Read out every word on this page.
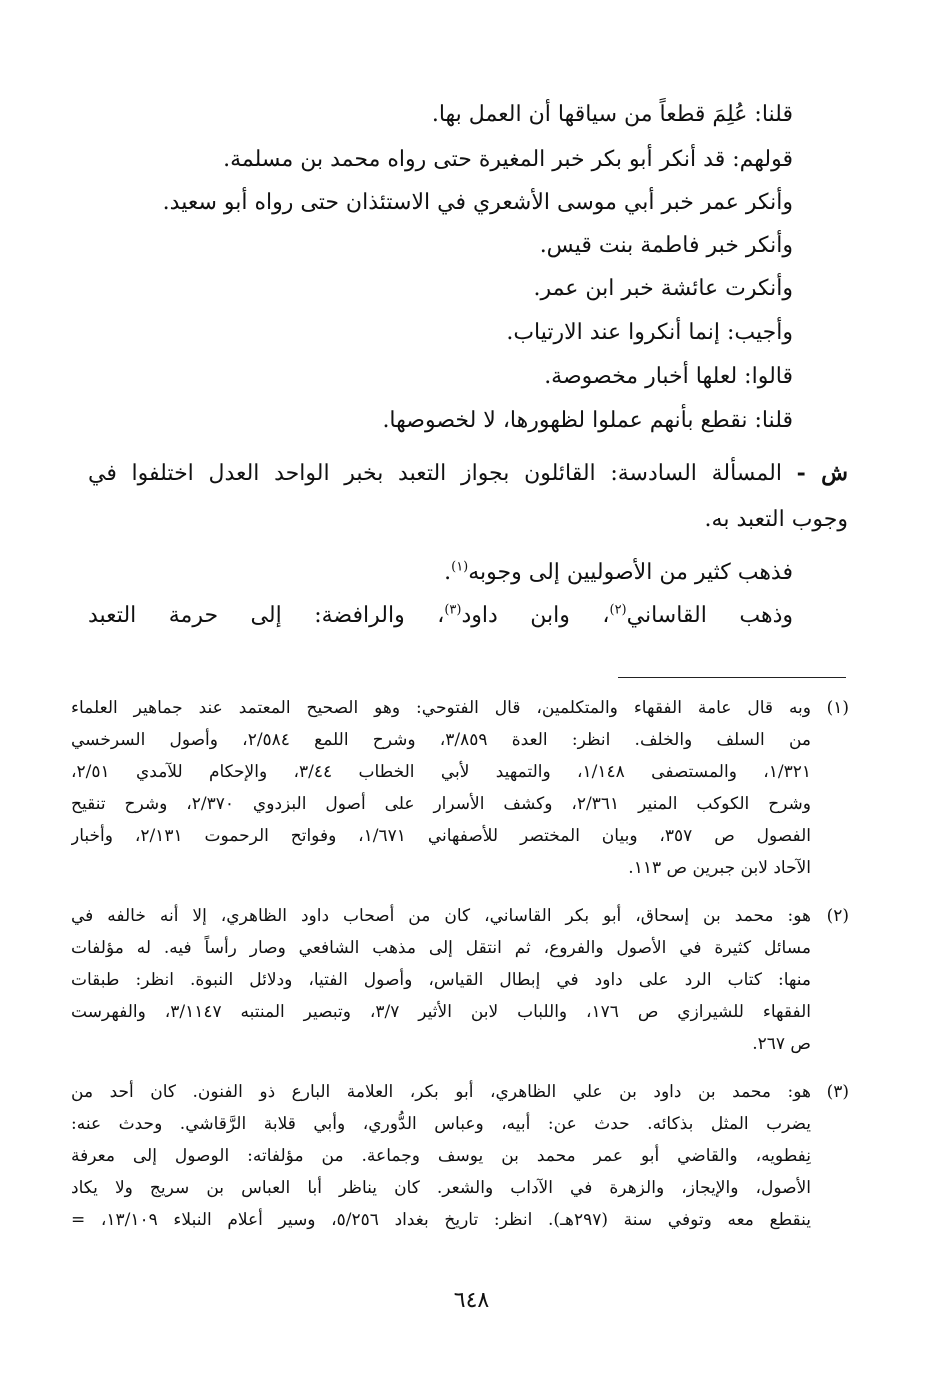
قلنا: عُلِمَ قطعاً من سياقها أن العمل بها.
قولهم: قد أنكر أبو بكر خبر المغيرة حتى رواه محمد بن مسلمة.
وأنكر عمر خبر أبي موسى الأشعري في الاستئذان حتى رواه أبو سعيد.
وأنكر خبر فاطمة بنت قيس.
وأنكرت عائشة خبر ابن عمر.
وأجيب: إنما أنكروا عند الارتياب.
قالوا: لعلها أخبار مخصوصة.
قلنا: نقطع بأنهم عملوا لظهورها، لا لخصوصها.
ش - المسألة السادسة: القائلون بجواز التعبد بخبر الواحد العدل اختلفوا في
وجوب التعبد به.
فذهب كثير من الأصوليين إلى وجوبه$^{(١)}$.
وذهب القاساني$^{(٢)}$، وابن داود$^{(٣)}$، والرافضة: إلى حرمة التعبد
(١)
وبه قال عامة الفقهاء والمتكلمين، قال الفتوحي: وهو الصحيح المعتمد عند جماهير العلماء
من السلف والخلف. انظر: العدة ٣/٨٥٩، وشرح اللمع ٢/٥٨٤، وأصول السرخسي
١/٣٢١، والمستصفى ١/١٤٨، والتمهيد لأبي الخطاب ٣/٤٤، والإحكام للآمدي ٢/٥١،
وشرح الكوكب المنير ٢/٣٦١، وكشف الأسرار على أصول البزدوي ٢/٣٧٠، وشرح تنقيح
الفصول ص ٣٥٧، وبيان المختصر للأصفهاني ١/٦٧١، وفواتح الرحموت ٢/١٣١، وأخبار
الآحاد لابن جبرين ص ١١٣.
(٢)
هو: محمد بن إسحاق، أبو بكر القاساني، كان من أصحاب داود الظاهري، إلا أنه خالفه في
مسائل كثيرة في الأصول والفروع، ثم انتقل إلى مذهب الشافعي وصار رأساً فيه. له مؤلفات
منها: كتاب الرد على داود في إبطال القياس، وأصول الفتيا، ودلائل النبوة. انظر: طبقات
الفقهاء للشيرازي ص ١٧٦، واللباب لابن الأثير ٣/٧، وتبصير المنتبه ٣/١١٤٧، والفهرست
ص ٢٦٧.
(٣)
هو: محمد بن داود بن علي الظاهري، أبو بكر، العلامة البارع ذو الفنون. كان أحد من
يضرب المثل بذكائه. حدث عن: أبيه، وعباس الدُّوري، وأبي قلابة الرَّقاشي. وحدث عنه:
نِفطويه، والقاضي أبو عمر محمد بن يوسف وجماعة. من مؤلفاته: الوصول إلى معرفة
الأصول، والإيجاز، والزهرة في الآداب والشعر. كان يناظر أبا العباس بن سريج ولا يكاد
ينقطع معه وتوفي سنة (٢٩٧هـ). انظر: تاريخ بغداد ٥/٢٥٦، وسير أعلام النبلاء ١٣/١٠٩، =
٦٤٨
